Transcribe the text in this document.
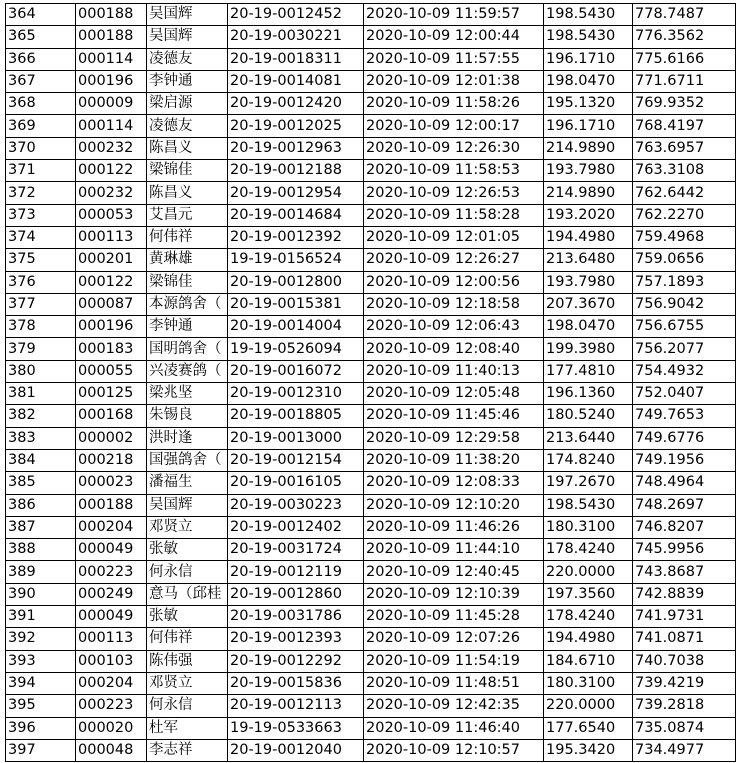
364	000188	吴国辉	20-19-0012452	2020-10-09 11:59:57	198.5430	778.7487
365	000188	吴国辉	20-19-0030221	2020-10-09 12:00:44	198.5430	776.3562
366	000114	凌德友	20-19-0018311	2020-10-09 11:57:55	196.1710	775.6166
367	000196	李钟通	20-19-0014081	2020-10-09 12:01:38	198.0470	771.6711
368	000009	梁启源	20-19-0012420	2020-10-09 11:58:26	195.1320	769.9352
369	000114	凌德友	20-19-0012025	2020-10-09 12:00:17	196.1710	768.4197
370	000232	陈昌义	20-19-0012963	2020-10-09 12:26:30	214.9890	763.6957
371	000122	梁锦佳	20-19-0012188	2020-10-09 11:58:53	193.7980	763.3108
372	000232	陈昌义	20-19-0012954	2020-10-09 12:26:53	214.9890	762.6442
373	000053	艾昌元	20-19-0014684	2020-10-09 11:58:28	193.2020	762.2270
374	000113	何伟祥	20-19-0012392	2020-10-09 12:01:05	194.4980	759.4968
375	000201	黄琳雄	19-19-0156524	2020-10-09 12:26:27	213.6480	759.0656
376	000122	梁锦佳	20-19-0012800	2020-10-09 12:00:56	193.7980	757.1893
377	000087	本源鸽舍（	20-19-0015381	2020-10-09 12:18:58	207.3670	756.9042
378	000196	李钟通	20-19-0014004	2020-10-09 12:06:43	198.0470	756.6755
379	000183	国明鸽舍（	19-19-0526094	2020-10-09 12:08:40	199.3980	756.2077
380	000055	兴凌赛鸽（	20-19-0016072	2020-10-09 11:40:13	177.4810	754.4932
381	000125	梁兆坚	20-19-0012310	2020-10-09 12:05:48	196.1360	752.0407
382	000168	朱锡良	20-19-0018805	2020-10-09 11:45:46	180.5240	749.7653
383	000002	洪时逢	20-19-0013000	2020-10-09 12:29:58	213.6440	749.6776
384	000218	国强鸽舍（	20-19-0012154	2020-10-09 11:38:20	174.8240	749.1956
385	000023	潘福生	20-19-0016105	2020-10-09 12:08:33	197.2670	748.4964
386	000188	吴国辉	20-19-0030223	2020-10-09 12:10:20	198.5430	748.2697
387	000204	邓贤立	20-19-0012402	2020-10-09 11:46:26	180.3100	746.8207
388	000049	张敏	20-19-0031724	2020-10-09 11:44:10	178.4240	745.9956
389	000223	何永信	20-19-0012119	2020-10-09 12:40:45	220.0000	743.8687
390	000249	意马（邱桂	20-19-0012860	2020-10-09 12:10:39	197.3560	742.8839
391	000049	张敏	20-19-0031786	2020-10-09 11:45:28	178.4240	741.9731
392	000113	何伟祥	20-19-0012393	2020-10-09 12:07:26	194.4980	741.0871
393	000103	陈伟强	20-19-0012292	2020-10-09 11:54:19	184.6710	740.7038
394	000204	邓贤立	20-19-0015836	2020-10-09 11:48:51	180.3100	739.4219
395	000223	何永信	20-19-0012113	2020-10-09 12:42:35	220.0000	739.2818
396	000020	杜军	19-19-0533663	2020-10-09 11:46:40	177.6540	735.0874
397	000048	李志祥	20-19-0012040	2020-10-09 12:10:57	195.3420	734.4977
